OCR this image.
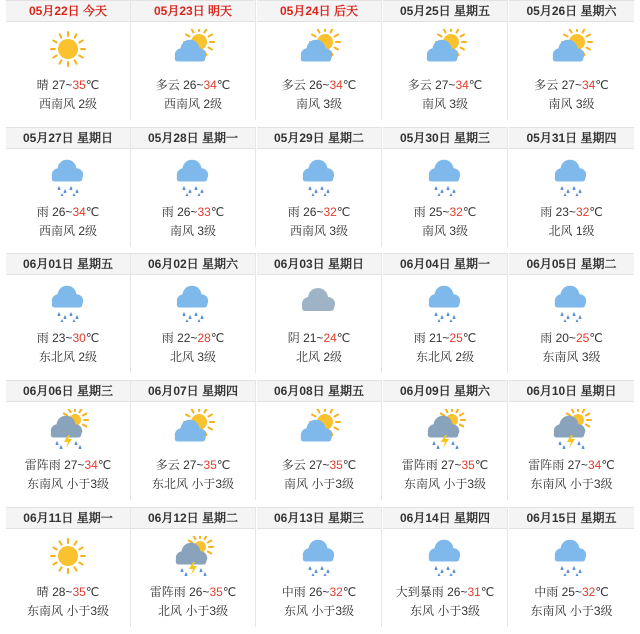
05月22日 今天
晴 27~35℃
西南风 2级
05月23日 明天
多云 26~34℃
西南风 2级
05月24日 后天
多云 26~34℃
南风 3级
05月25日 星期五
多云 27~34℃
南风 3级
05月26日 星期六
多云 27~34℃
南风 3级
05月27日 星期日
雨 26~34℃
西南风 2级
05月28日 星期一
雨 26~33℃
南风 3级
05月29日 星期二
雨 26~32℃
西南风 3级
05月30日 星期三
雨 25~32℃
南风 3级
05月31日 星期四
雨 23~32℃
北风 1级
06月01日 星期五
雨 23~30℃
东北风 2级
06月02日 星期六
雨 22~28℃
北风 3级
06月03日 星期日
阴 21~24℃
北风 2级
06月04日 星期一
雨 21~25℃
东北风 2级
06月05日 星期二
雨 20~25℃
东南风 3级
06月06日 星期三
雷阵雨 27~34℃
东南风 小于3级
06月07日 星期四
多云 27~35℃
东北风 小于3级
06月08日 星期五
多云 27~35℃
南风 小于3级
06月09日 星期六
雷阵雨 27~35℃
东南风 小于3级
06月10日 星期日
雷阵雨 27~34℃
东南风 小于3级
06月11日 星期一
晴 28~35℃
东南风 小于3级
06月12日 星期二
雷阵雨 26~35℃
北风 小于3级
06月13日 星期三
中雨 26~32℃
东风 小于3级
06月14日 星期四
大到暴雨 26~31℃
东风 小于3级
06月15日 星期五
中雨 25~32℃
东南风 小于3级
